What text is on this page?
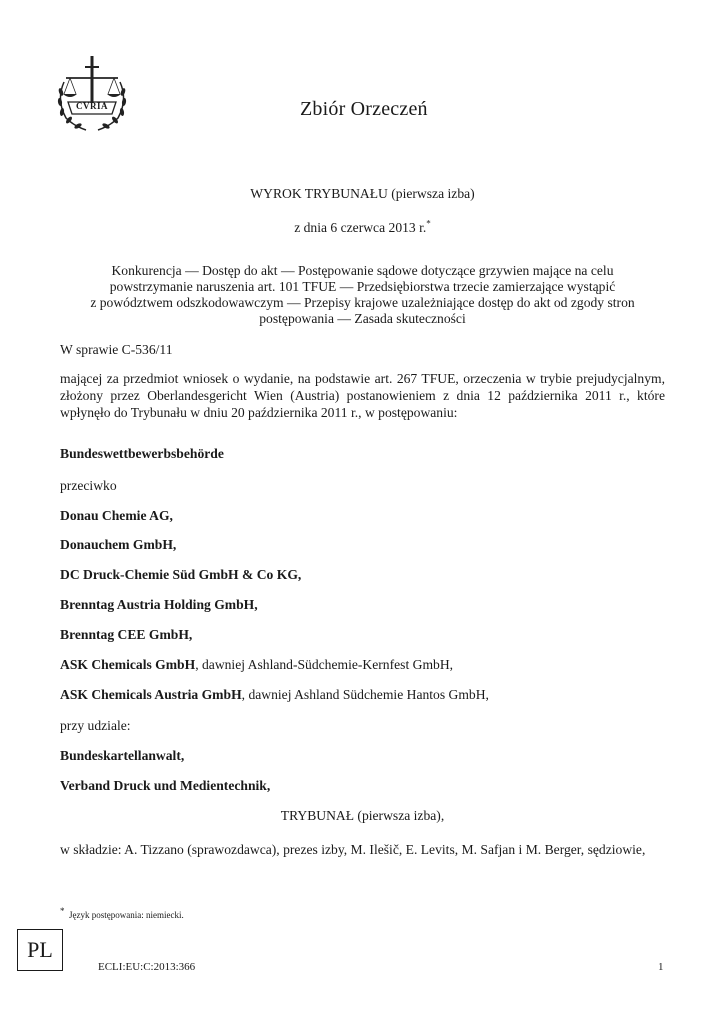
CVRIA	Zbiór Orzeczeń
WYROK TRYBUNAŁU (pierwsza izba)
z dnia 6 czerwca 2013 r.*
Konkurencja — Dostęp do akt — Postępowanie sądowe dotyczące grzywien mające na celu
powstrzymanie naruszenia art. 101 TFUE — Przedsiębiorstwa trzecie zamierzające wystąpić
z powództwem odszkodowawczym — Przepisy krajowe uzależniające dostęp do akt od zgody stron
postępowania — Zasada skuteczności
W sprawie C-536/11
mającej za przedmiot wniosek o wydanie, na podstawie art. 267 TFUE, orzeczenia w trybie prejudycjalnym, złożony przez Oberlandesgericht Wien (Austria) postanowieniem z dnia 12 października 2011 r., które wpłynęło do Trybunału w dniu 20 października 2011 r., w postępowaniu:
Bundeswettbewerbsbehörde
przeciwko
Donau Chemie AG,
Donauchem GmbH,
DC Druck-Chemie Süd GmbH & Co KG,
Brenntag Austria Holding GmbH,
Brenntag CEE GmbH,
ASK Chemicals GmbH, dawniej Ashland-Südchemie-Kernfest GmbH,
ASK Chemicals Austria GmbH, dawniej Ashland Südchemie Hantos GmbH,
przy udziale:
Bundeskartellanwalt,
Verband Druck und Medientechnik,
TRYBUNAŁ (pierwsza izba),
w składzie: A. Tizzano (sprawozdawca), prezes izby, M. Ilešič, E. Levits, M. Safjan i M. Berger, sędziowie,
* Język postępowania: niemiecki.
PL
ECLI:EU:C:2013:366	1
